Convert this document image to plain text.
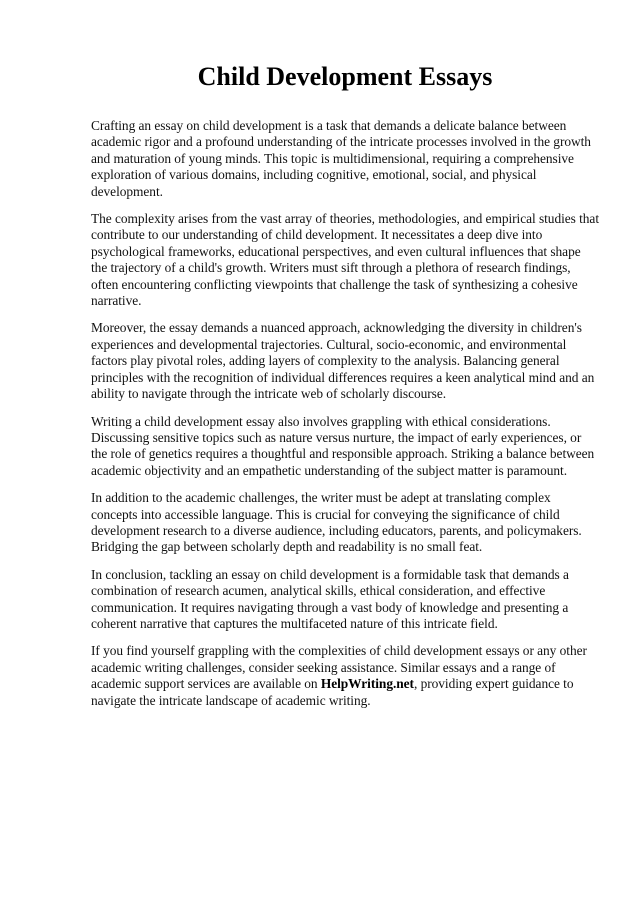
Child Development Essays

Crafting an essay on child development is a task that demands a delicate balance between academic rigor and a profound understanding of the intricate processes involved in the growth and maturation of young minds. This topic is multidimensional, requiring a comprehensive exploration of various domains, including cognitive, emotional, social, and physical development.

The complexity arises from the vast array of theories, methodologies, and empirical studies that contribute to our understanding of child development. It necessitates a deep dive into psychological frameworks, educational perspectives, and even cultural influences that shape the trajectory of a child's growth. Writers must sift through a plethora of research findings, often encountering conflicting viewpoints that challenge the task of synthesizing a cohesive narrative.

Moreover, the essay demands a nuanced approach, acknowledging the diversity in children's experiences and developmental trajectories. Cultural, socio-economic, and environmental factors play pivotal roles, adding layers of complexity to the analysis. Balancing general principles with the recognition of individual differences requires a keen analytical mind and an ability to navigate through the intricate web of scholarly discourse.

Writing a child development essay also involves grappling with ethical considerations. Discussing sensitive topics such as nature versus nurture, the impact of early experiences, or the role of genetics requires a thoughtful and responsible approach. Striking a balance between academic objectivity and an empathetic understanding of the subject matter is paramount.

In addition to the academic challenges, the writer must be adept at translating complex concepts into accessible language. This is crucial for conveying the significance of child development research to a diverse audience, including educators, parents, and policymakers. Bridging the gap between scholarly depth and readability is no small feat.

In conclusion, tackling an essay on child development is a formidable task that demands a combination of research acumen, analytical skills, ethical consideration, and effective communication. It requires navigating through a vast body of knowledge and presenting a coherent narrative that captures the multifaceted nature of this intricate field.

If you find yourself grappling with the complexities of child development essays or any other academic writing challenges, consider seeking assistance. Similar essays and a range of academic support services are available on HelpWriting.net, providing expert guidance to navigate the intricate landscape of academic writing.
